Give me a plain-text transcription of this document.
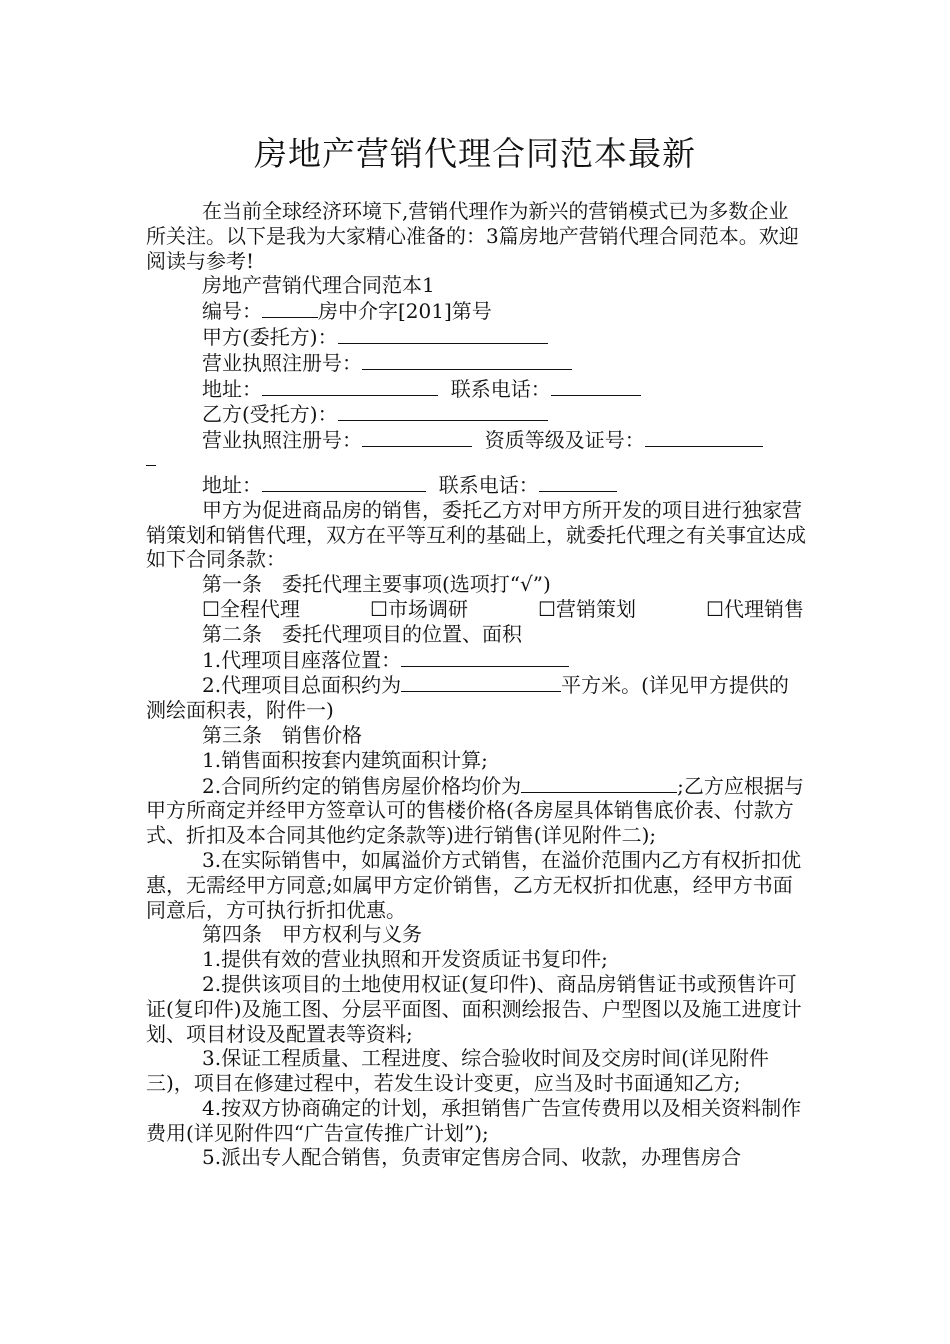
房地产营销代理合同范本最新

在当前全球经济环境下,营销代理作为新兴的营销模式已为多数企业所关注。以下是我为大家精心准备的：3篇房地产营销代理合同范本。欢迎阅读与参考!

房地产营销代理合同范本1

编号：	房中介字[201]第号

甲方(委托方)：

营业执照注册号：

地址：	联系电话：

乙方(受托方)：

营业执照注册号：	资质等级及证号：

地址：	联系电话：

甲方为促进商品房的销售，委托乙方对甲方所开发的项目进行独家营销策划和销售代理，双方在平等互利的基础上，就委托代理之有关事宜达成如下合同条款：

第一条　委托代理主要事项(选项打“√”)

☐全程代理	☐市场调研	☐营销策划	☐代理销售

第二条　委托代理项目的位置、面积

1.代理项目座落位置：

2.代理项目总面积约为	平方米。(详见甲方提供的测绘面积表，附件一)

第三条　销售价格

1.销售面积按套内建筑面积计算;

2.合同所约定的销售房屋价格均价为	;乙方应根据与甲方所商定并经甲方签章认可的售楼价格(各房屋具体销售底价表、付款方式、折扣及本合同其他约定条款等)进行销售(详见附件二);

3.在实际销售中，如属溢价方式销售，在溢价范围内乙方有权折扣优惠，无需经甲方同意;如属甲方定价销售，乙方无权折扣优惠，经甲方书面同意后，方可执行折扣优惠。

第四条　甲方权利与义务

1.提供有效的营业执照和开发资质证书复印件;

2.提供该项目的土地使用权证(复印件)、商品房销售证书或预售许可证(复印件)及施工图、分层平面图、面积测绘报告、户型图以及施工进度计划、项目材设及配置表等资料;

3.保证工程质量、工程进度、综合验收时间及交房时间(详见附件三)，项目在修建过程中，若发生设计变更，应当及时书面通知乙方;

4.按双方协商确定的计划，承担销售广告宣传费用以及相关资料制作费用(详见附件四“广告宣传推广计划”);

5.派出专人配合销售，负责审定售房合同、收款，办理售房合
